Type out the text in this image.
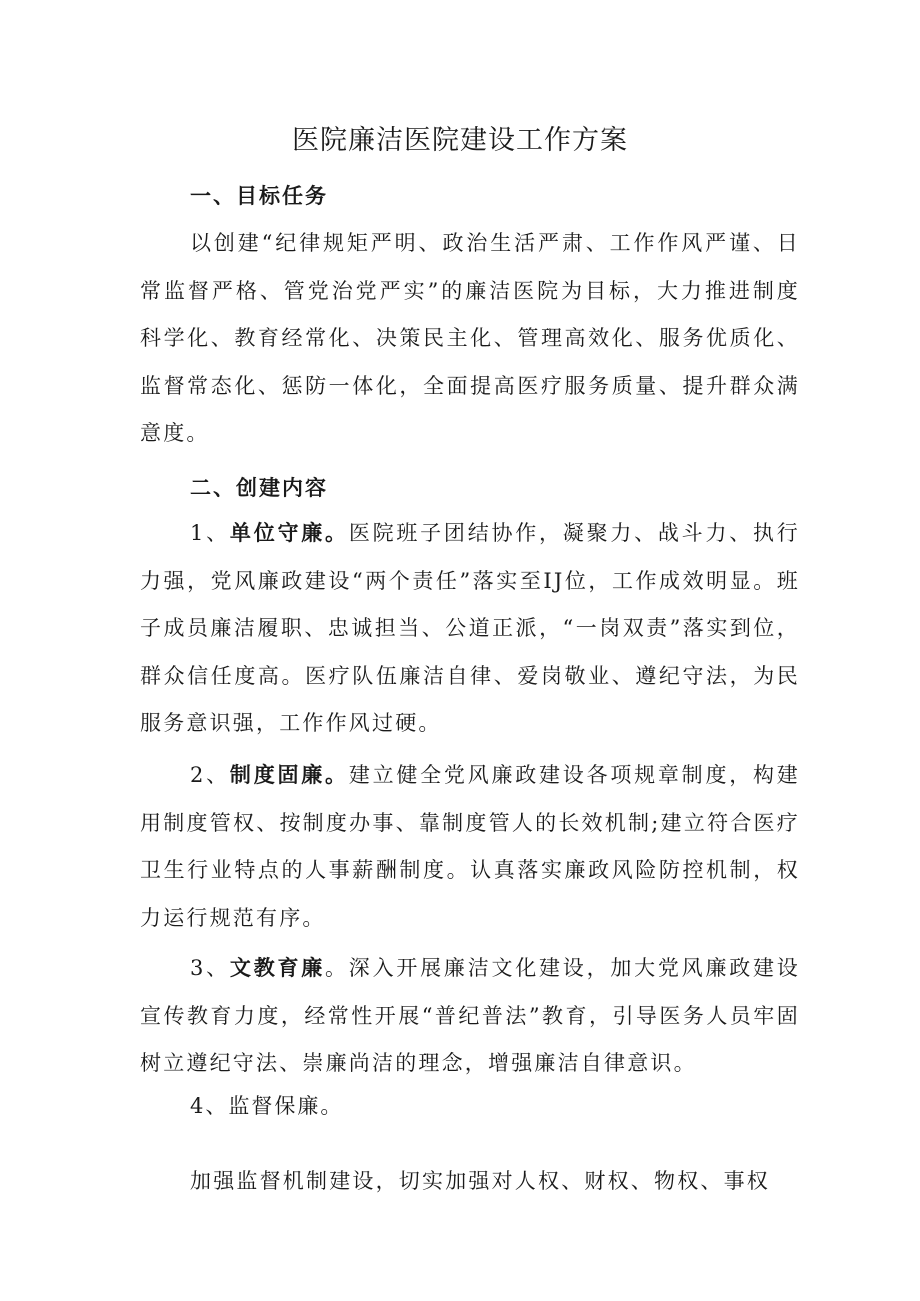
医院廉洁医院建设工作方案
一、目标任务

以创建“纪律规矩严明、政治生活严肃、工作作风严谨、日常监督严格、管党治党严实”的廉洁医院为目标，大力推进制度科学化、教育经常化、决策民主化、管理高效化、服务优质化、监督常态化、惩防一体化，全面提高医疗服务质量、提升群众满意度。

二、创建内容

1、单位守廉。医院班子团结协作，凝聚力、战斗力、执行力强，党风廉政建设“两个责任”落实至IJ位，工作成效明显。班子成员廉洁履职、忠诚担当、公道正派，“一岗双责”落实到位，群众信任度高。医疗队伍廉洁自律、爱岗敬业、遵纪守法，为民服务意识强，工作作风过硬。

2、制度固廉。建立健全党风廉政建设各项规章制度，构建用制度管权、按制度办事、靠制度管人的长效机制;建立符合医疗卫生行业特点的人事薪酬制度。认真落实廉政风险防控机制，权力运行规范有序。

3、文教育廉。深入开展廉洁文化建设，加大党风廉政建设宣传教育力度，经常性开展“普纪普法”教育，引导医务人员牢固树立遵纪守法、崇廉尚洁的理念，增强廉洁自律意识。

4、监督保廉。

加强监督机制建设，切实加强对人权、财权、物权、事权
